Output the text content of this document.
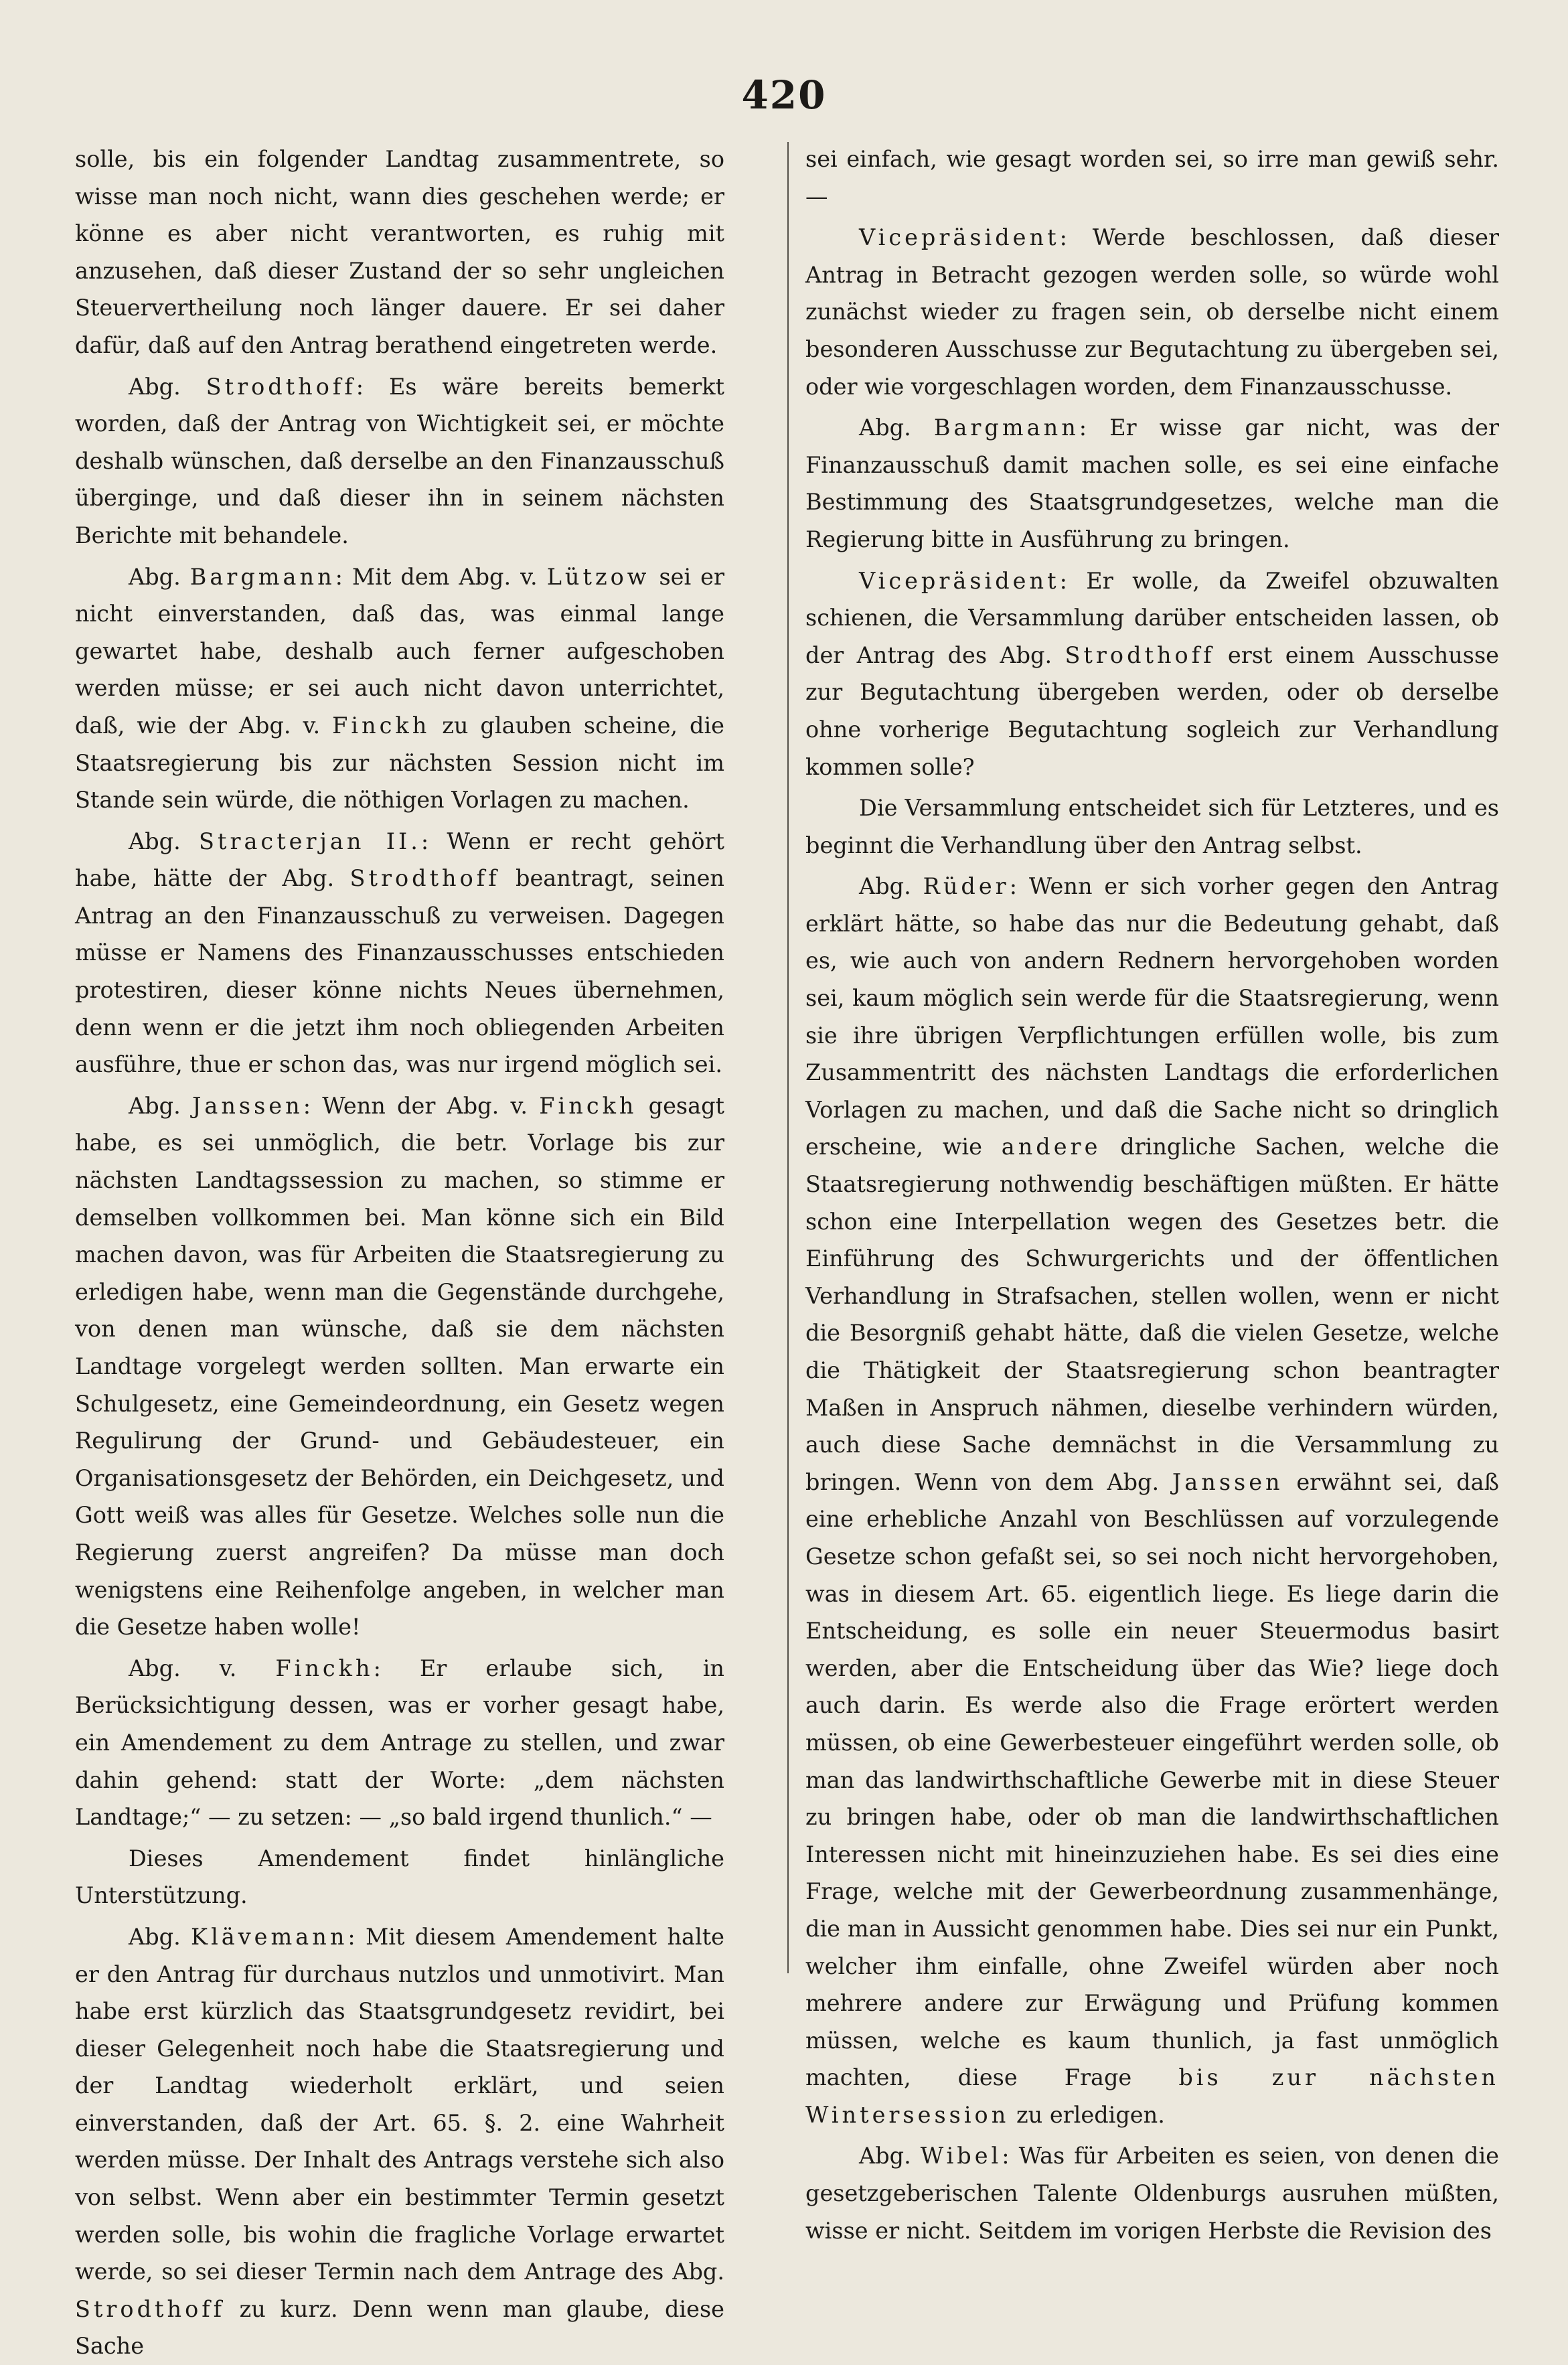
420

solle, bis ein folgender Landtag zusammentrete, so wisse man noch nicht, wann dies geschehen werde; er könne es aber nicht verantworten, es ruhig mit anzusehen, daß dieser Zustand der so sehr ungleichen Steuervertheilung noch länger dauere. Er sei daher dafür, daß auf den Antrag berathend eingetreten werde.

Abg. Strodthoff: Es wäre bereits bemerkt worden, daß der Antrag von Wichtigkeit sei, er möchte deshalb wünschen, daß derselbe an den Finanzausschuß überginge, und daß dieser ihn in seinem nächsten Berichte mit behandele.

Abg. Bargmann: Mit dem Abg. v. Lützow sei er nicht einverstanden, daß das, was einmal lange gewartet habe, deshalb auch ferner aufgeschoben werden müsse; er sei auch nicht davon unterrichtet, daß, wie der Abg. v. Finckh zu glauben scheine, die Staatsregierung bis zur nächsten Session nicht im Stande sein würde, die nöthigen Vorlagen zu machen.

Abg. Stracterjan II.: Wenn er recht gehört habe, hätte der Abg. Strodthoff beantragt, seinen Antrag an den Finanzausschuß zu verweisen. Dagegen müsse er Namens des Finanzausschusses entschieden protestiren, dieser könne nichts Neues übernehmen, denn wenn er die jetzt ihm noch obliegenden Arbeiten ausführe, thue er schon das, was nur irgend möglich sei.

Abg. Janssen: Wenn der Abg. v. Finckh gesagt habe, es sei unmöglich, die betr. Vorlage bis zur nächsten Landtagssession zu machen, so stimme er demselben vollkommen bei. Man könne sich ein Bild machen davon, was für Arbeiten die Staatsregierung zu erledigen habe, wenn man die Gegenstände durchgehe, von denen man wünsche, daß sie dem nächsten Landtage vorgelegt werden sollten. Man erwarte ein Schulgesetz, eine Gemeindeordnung, ein Gesetz wegen Regulirung der Grund- und Gebäudesteuer, ein Organisationsgesetz der Behörden, ein Deichgesetz, und Gott weiß was alles für Gesetze. Welches solle nun die Regierung zuerst angreifen? Da müsse man doch wenigstens eine Reihenfolge angeben, in welcher man die Gesetze haben wolle!

Abg. v. Finckh: Er erlaube sich, in Berücksichtigung dessen, was er vorher gesagt habe, ein Amendement zu dem Antrage zu stellen, und zwar dahin gehend: statt der Worte: „dem nächsten Landtage;“ — zu setzen: — „so bald irgend thunlich.“ —

Dieses Amendement findet hinlängliche Unterstützung.

Abg. Klävemann: Mit diesem Amendement halte er den Antrag für durchaus nutzlos und unmotivirt. Man habe erst kürzlich das Staatsgrundgesetz revidirt, bei dieser Gelegenheit noch habe die Staatsregierung und der Landtag wiederholt erklärt, und seien einverstanden, daß der Art. 65. §. 2. eine Wahrheit werden müsse. Der Inhalt des Antrags verstehe sich also von selbst. Wenn aber ein bestimmter Termin gesetzt werden solle, bis wohin die fragliche Vorlage erwartet werde, so sei dieser Termin nach dem Antrage des Abg. Strodthoff zu kurz. Denn wenn man glaube, diese Sache

sei einfach, wie gesagt worden sei, so irre man gewiß sehr. —

Vicepräsident: Werde beschlossen, daß dieser Antrag in Betracht gezogen werden solle, so würde wohl zunächst wieder zu fragen sein, ob derselbe nicht einem besonderen Ausschusse zur Begutachtung zu übergeben sei, oder wie vorgeschlagen worden, dem Finanzausschusse.

Abg. Bargmann: Er wisse gar nicht, was der Finanzausschuß damit machen solle, es sei eine einfache Bestimmung des Staatsgrundgesetzes, welche man die Regierung bitte in Ausführung zu bringen.

Vicepräsident: Er wolle, da Zweifel obzuwalten schienen, die Versammlung darüber entscheiden lassen, ob der Antrag des Abg. Strodthoff erst einem Ausschusse zur Begutachtung übergeben werden, oder ob derselbe ohne vorherige Begutachtung sogleich zur Verhandlung kommen solle?

Die Versammlung entscheidet sich für Letzteres, und es beginnt die Verhandlung über den Antrag selbst.

Abg. Rüder: Wenn er sich vorher gegen den Antrag erklärt hätte, so habe das nur die Bedeutung gehabt, daß es, wie auch von andern Rednern hervorgehoben worden sei, kaum möglich sein werde für die Staatsregierung, wenn sie ihre übrigen Verpflichtungen erfüllen wolle, bis zum Zusammentritt des nächsten Landtags die erforderlichen Vorlagen zu machen, und daß die Sache nicht so dringlich erscheine, wie andere dringliche Sachen, welche die Staatsregierung nothwendig beschäftigen müßten. Er hätte schon eine Interpellation wegen des Gesetzes betr. die Einführung des Schwurgerichts und der öffentlichen Verhandlung in Strafsachen, stellen wollen, wenn er nicht die Besorgniß gehabt hätte, daß die vielen Gesetze, welche die Thätigkeit der Staatsregierung schon beantragter Maßen in Anspruch nähmen, dieselbe verhindern würden, auch diese Sache demnächst in die Versammlung zu bringen. Wenn von dem Abg. Janssen erwähnt sei, daß eine erhebliche Anzahl von Beschlüssen auf vorzulegende Gesetze schon gefaßt sei, so sei noch nicht hervorgehoben, was in diesem Art. 65. eigentlich liege. Es liege darin die Entscheidung, es solle ein neuer Steuermodus basirt werden, aber die Entscheidung über das Wie? liege doch auch darin. Es werde also die Frage erörtert werden müssen, ob eine Gewerbesteuer eingeführt werden solle, ob man das landwirthschaftliche Gewerbe mit in diese Steuer zu bringen habe, oder ob man die landwirthschaftlichen Interessen nicht mit hineinzuziehen habe. Es sei dies eine Frage, welche mit der Gewerbeordnung zusammenhänge, die man in Aussicht genommen habe. Dies sei nur ein Punkt, welcher ihm einfalle, ohne Zweifel würden aber noch mehrere andere zur Erwägung und Prüfung kommen müssen, welche es kaum thunlich, ja fast unmöglich machten, diese Frage bis zur nächsten Wintersession zu erledigen.

Abg. Wibel: Was für Arbeiten es seien, von denen die gesetzgeberischen Talente Oldenburgs ausruhen müßten, wisse er nicht. Seitdem im vorigen Herbste die Revision des
